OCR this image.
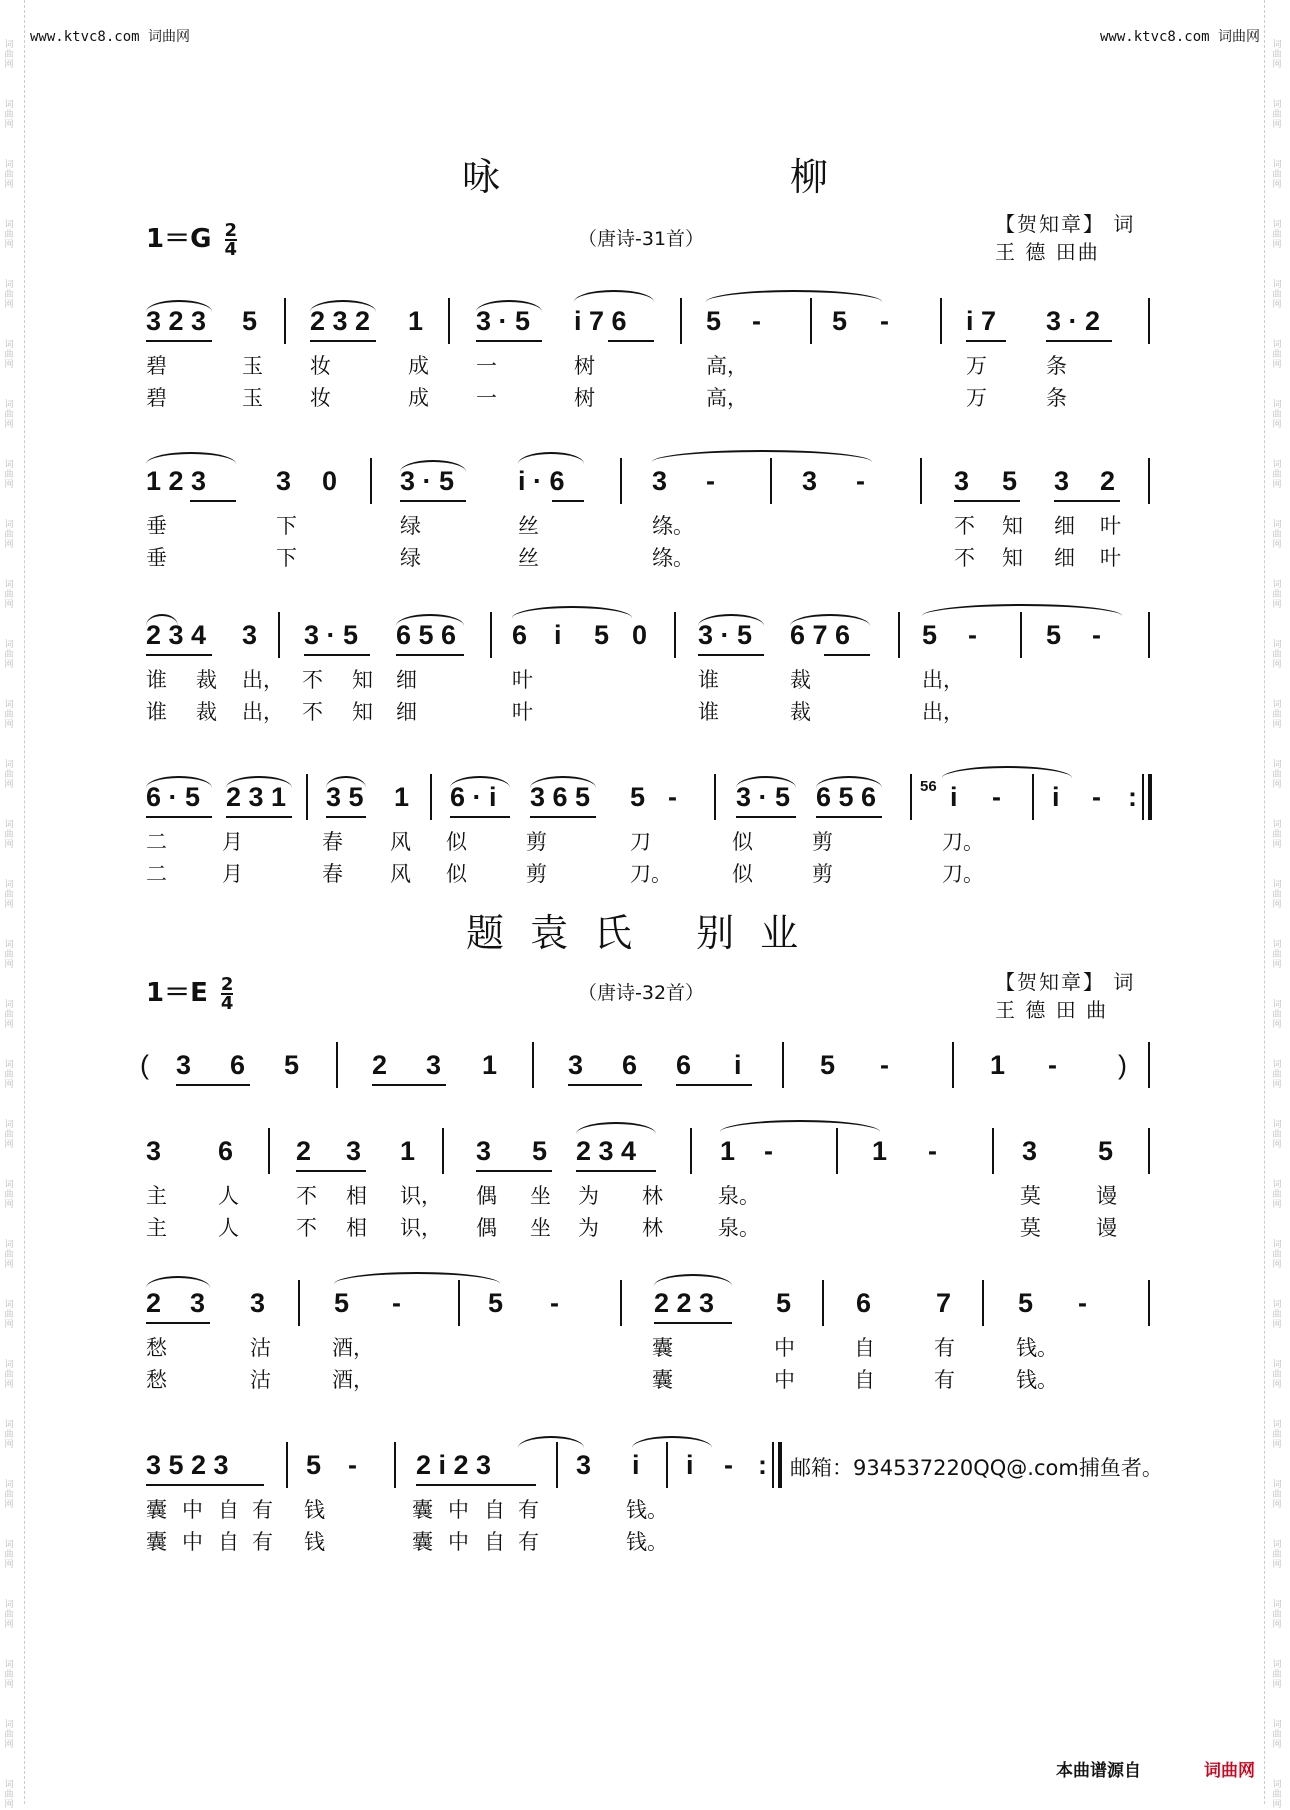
词
曲
网
词
曲
网
词
曲
网
词
曲
网
词
曲
网
词
曲
网
词
曲
网
词
曲
网
词
曲
网
词
曲
网
词
曲
网
词
曲
网
词
曲
网
词
曲
网
词
曲
网
词
曲
网
词
曲
网
词
曲
网
词
曲
网
词
曲
网
词
曲
网
词
曲
网
词
曲
网
词
曲
网
词
曲
网
词
曲
网
词
曲
网
词
曲
网
词
曲
网
词
曲
网
词
曲
网
词
曲
网
词
曲
网
词
曲
网
词
曲
网
词
曲
网
词
曲
网
词
曲
网
词
曲
网
词
曲
网
词
曲
网
词
曲
网
词
曲
网
词
曲
网
词
曲
网
词
曲
网
词
曲
网
词
曲
网
词
曲
网
词
曲
网
词
曲
网
词
曲
网
词
曲
网
词
曲
网
词
曲
网
词
曲
网
词
曲
网
词
曲
网
词
曲
网
词
曲
网
www.ktvc8.com 词曲网	www.ktvc8.com 词曲网
咏	柳
$1=G \frac{2}{4}$	（唐诗-31首）
【贺知章】 词
王 德 田曲
3 2 3 5 2 3 2 1 3 · 5 i 7 6	5 -	5 -	i 7 3 · 2
碧	玉 妆	成 一	树	高，	万	条
碧	玉 妆	成 一	树	高，	万	条
1 2 3	3 0 3 · 5 i · 6	3 -	3 -	3 5 3 2
垂	下	绿	丝	绦。	不 知 细 叶
垂	下	绿	丝	绦。	不 知 细 叶
2 3 4 3 3 · 5 6 5 6 6 i 5 0 3 · 5 6 7 6	5 -	5 -
谁 裁 出， 不 知 细	叶	谁	裁	出，
谁 裁 出， 不 知 细	叶	谁	裁	出，
6 · 5 2 3 1 3 5 1 6 · i 3 6 5 5 - 3 · 5 6 5 6	56 i - i - :
二	月	春 风 似	剪	刀	似	剪	刀。
二	月	春 风 似	剪	刀。	似	剪	刀。
题袁氏 别业
$1=E \frac{2}{4}$	（唐诗-32首）	【贺知章】 词
王 德 田 曲
( 3 6 5	2 3 1	3 6 6 i	5 -	1 - )
3 6 2 3 1 3 5 2 3 4	1 -	1 -	3 5
主 人	不 相 识， 偶 坐 为 林	泉。	莫	谩
主 人	不 相 识， 偶 坐 为 林	泉。	莫	谩
2 3 3	5 -	5 -	2 2 3 5 6 7 5 -
愁	沽	酒，	囊	中	自	有	钱。
愁	沽	酒，	囊	中	自	有	钱。
3 5 2 3	5 - 2 i 2 3	3 i i - : 邮箱：934537220QQ@.com捕鱼者。
囊 中 自 有 钱	囊 中 自 有	钱。
囊 中 自 有 钱	囊 中 自 有	钱。
本曲谱源自	词曲网
